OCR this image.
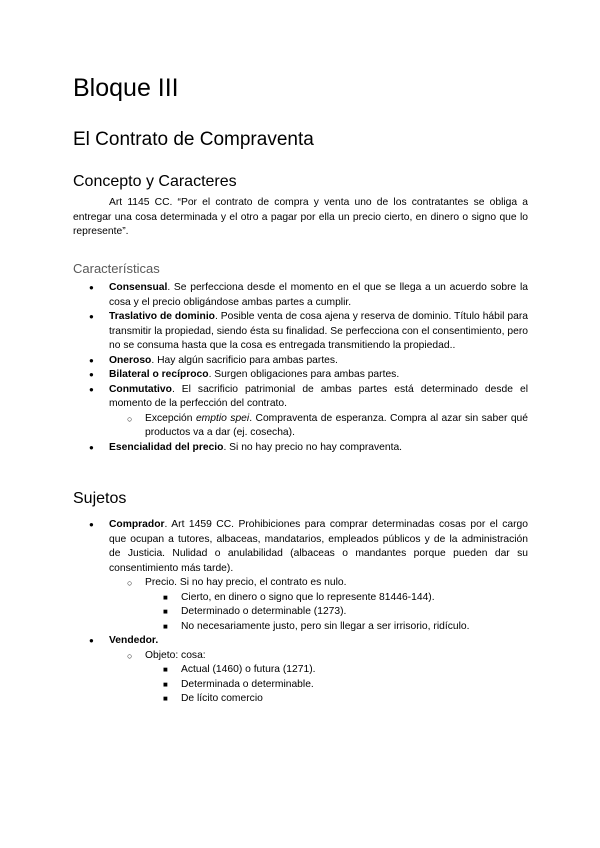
Bloque III
El Contrato de Compraventa
Concepto y Caracteres
Art 1145 CC. “Por el contrato de compra y venta uno de los contratantes se obliga a entregar una cosa determinada y el otro a pagar por ella un precio cierto, en dinero o signo que lo represente”.
Características
● Consensual. Se perfecciona desde el momento en el que se llega a un acuerdo sobre la cosa y el precio obligándose ambas partes a cumplir.
● Traslativo de dominio. Posible venta de cosa ajena y reserva de dominio. Título hábil para transmitir la propiedad, siendo ésta su finalidad. Se perfecciona con el consentimiento, pero no se consuma hasta que la cosa es entregada transmitiendo la propiedad..
● Oneroso. Hay algún sacrificio para ambas partes.
● Bilateral o recíproco. Surgen obligaciones para ambas partes.
● Conmutativo. El sacrificio patrimonial de ambas partes está determinado desde el momento de la perfección del contrato.
○ Excepción emptio spei. Compraventa de esperanza. Compra al azar sin saber qué productos va a dar (ej. cosecha).
● Esencialidad del precio. Si no hay precio no hay compraventa.
Sujetos
● Comprador. Art 1459 CC. Prohibiciones para comprar determinadas cosas por el cargo que ocupan a tutores, albaceas, mandatarios, empleados públicos y de la administración de Justicia. Nulidad o anulabilidad (albaceas o mandantes porque pueden dar su consentimiento más tarde).
○ Precio. Si no hay precio, el contrato es nulo.
■ Cierto, en dinero o signo que lo represente 81446-144).
■ Determinado o determinable (1273).
■ No necesariamente justo, pero sin llegar a ser irrisorio, ridículo.
● Vendedor.
○ Objeto: cosa:
■ Actual (1460) o futura (1271).
■ Determinada o determinable.
■ De lícito comercio
